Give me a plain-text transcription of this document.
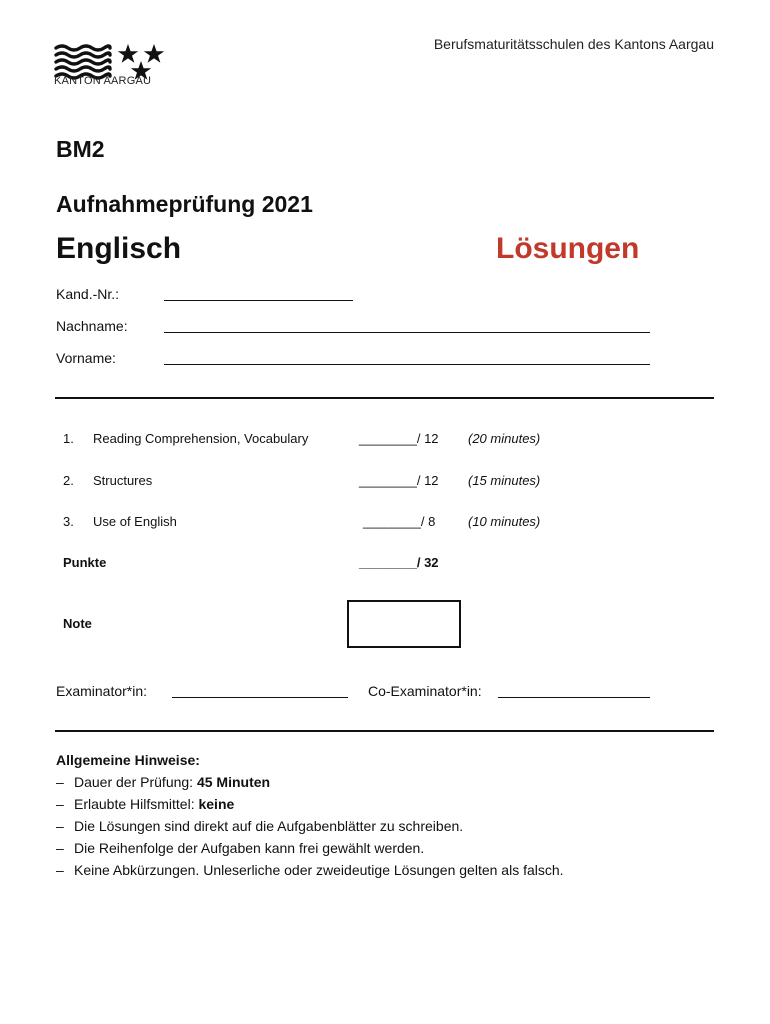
KANTON AARGAU
Berufsmaturitätsschulen des Kantons Aargau
BM2
Aufnahmeprüfung 2021
Englisch	Lösungen
Kand.-Nr.:
Nachname:
Vorname:
1. Reading Comprehension, Vocabulary	________/ 12 (20 minutes)
2. Structures	________/ 12 (15 minutes)
3. Use of English	________/ 8	(10 minutes)
Punkte	________/ 32
Note
Examinator*in:	Co-Examinator*in:
Allgemeine Hinweise:
– Dauer der Prüfung: 45 Minuten
– Erlaubte Hilfsmittel: keine
– Die Lösungen sind direkt auf die Aufgabenblätter zu schreiben.
– Die Reihenfolge der Aufgaben kann frei gewählt werden.
– Keine Abkürzungen. Unleserliche oder zweideutige Lösungen gelten als falsch.
